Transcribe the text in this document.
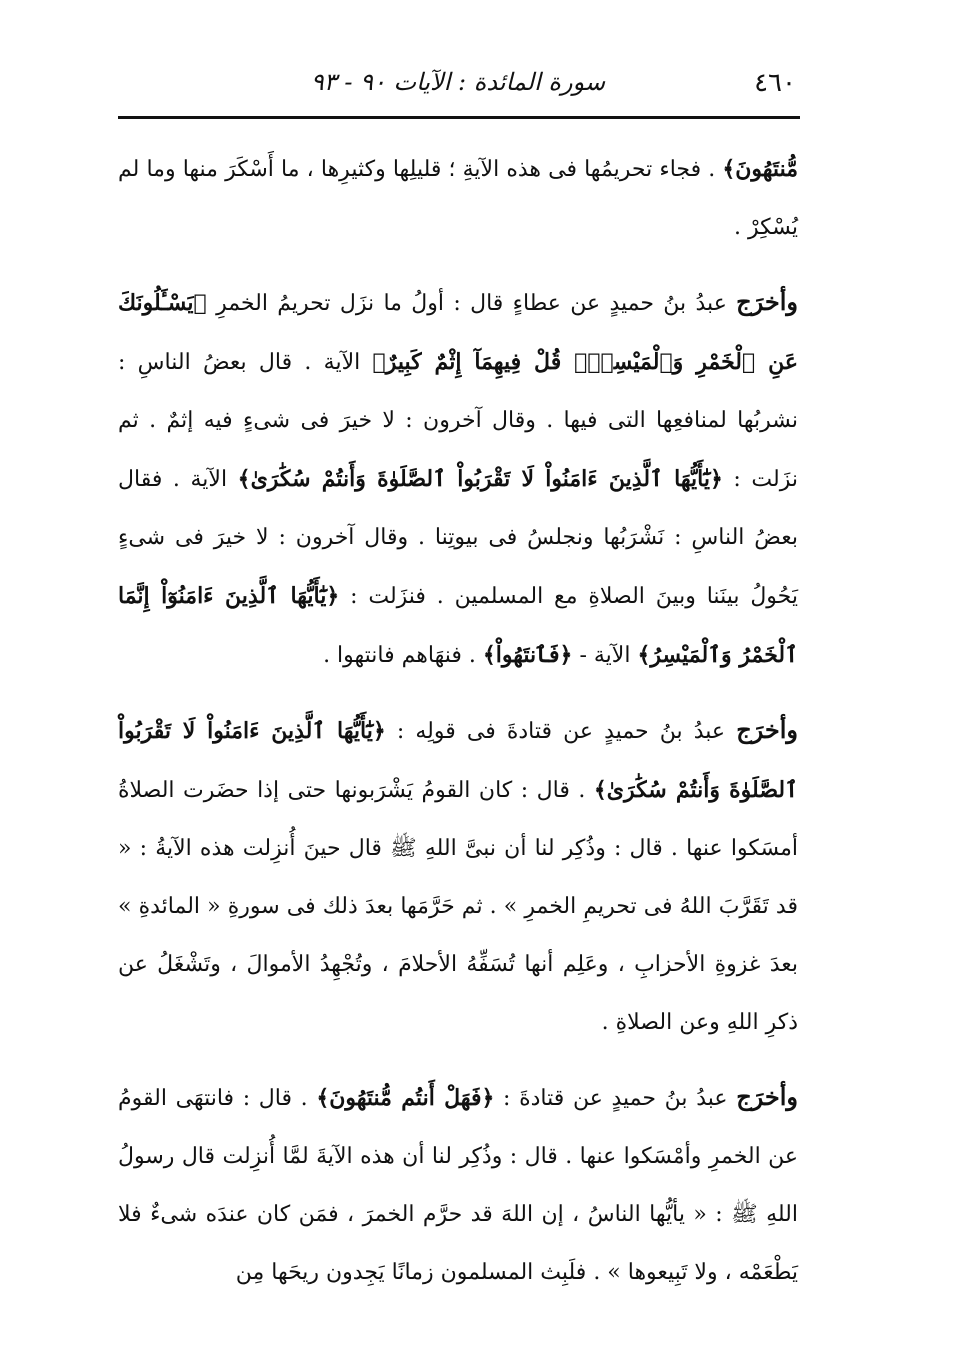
٤٦٠
سورة المائدة : الآيات ٩٠ - ٩٣

مُّنتَهُونَ﴾ . فجاء تحريمُها فى هذه الآيةِ ؛ قليلِها وكثيرِها ، ما أَسْكَرَ منها وما لم يُسْكِرْ .

وأخرَج عبدُ بنُ حميدٍ عن عطاءٍ قال : أولُ ما نزَل تحريمُ الخمرِ ﴿يَسْـَٔلُونَكَ عَنِ ٱلْخَمْرِ وَٱلْمَيْسِرِۖ قُلْ فِيهِمَآ إِثْمٌ كَبِيرٌ﴾ الآية . قال بعضُ الناسِ : نشربُها لمنافعِها التى فيها . وقال آخرون : لا خيرَ فى شىءٍ فيه إثمٌ . ثم نزَلت : ﴿يَٰٓأَيُّهَا ٱلَّذِينَ ءَامَنُواْ لَا تَقْرَبُواْ ٱلصَّلَوٰةَ وَأَنتُمْ سُكَٰرَىٰ﴾ الآية . فقال بعضُ الناسِ : نَشْرَبُها ونجلسُ فى بيوتِنا . وقال آخرون : لا خيرَ فى شىءٍ يَحُولُ بينَنا وبينَ الصلاةِ مع المسلمين . فنزَلت : ﴿يَٰٓأَيُّهَا ٱلَّذِينَ ءَامَنُوٓاْ إِنَّمَا ٱلْخَمْرُ وَٱلْمَيْسِرُ﴾ الآية - ﴿فَٱنتَهُواْ﴾ . فنهَاهم فانتهوا .

وأخرَج عبدُ بنُ حميدٍ عن قتادةَ فى قولِه : ﴿يَٰٓأَيُّهَا ٱلَّذِينَ ءَامَنُواْ لَا تَقْرَبُواْ ٱلصَّلَوٰةَ وَأَنتُمْ سُكَٰرَىٰ﴾ . قال : كان القومُ يَشْرَبونها حتى إذا حضَرت الصلاةُ أمسَكوا عنها . قال : وذُكِر لنا أن نبىَّ اللهِ ﷺ قال حينَ أُنزِلت هذه الآيةُ : « قد تَقَرَّبَ اللهُ فى تحريمِ الخمرِ » . ثم حَرَّمَها بعدَ ذلك فى سورةِ « المائدةِ » بعدَ غزوةِ الأحزابِ ، وعَلِم أنها تُسَفِّهُ الأحلامَ ، وتُجْهِدُ الأموالَ ، وتَشْغَلُ عن ذكرِ اللهِ وعن الصلاةِ .

وأخرَج عبدُ بنُ حميدٍ عن قتادةَ : ﴿فَهَلْ أَنتُم مُّنتَهُونَ﴾ . قال : فانتهَى القومُ عن الخمرِ وأمْسَكوا عنها . قال : وذُكِر لنا أن هذه الآيةَ لمَّا أُنزِلت قال رسولُ اللهِ ﷺ : « يأيُّها الناسُ ، إن اللهَ قد حرَّم الخمرَ ، فمَن كان عندَه شىءٌ فلا يَطْعَمْه ، ولا تَبِيعوها » . فلَبِث المسلمون زمانًا يَجِدون ريحَها مِن
